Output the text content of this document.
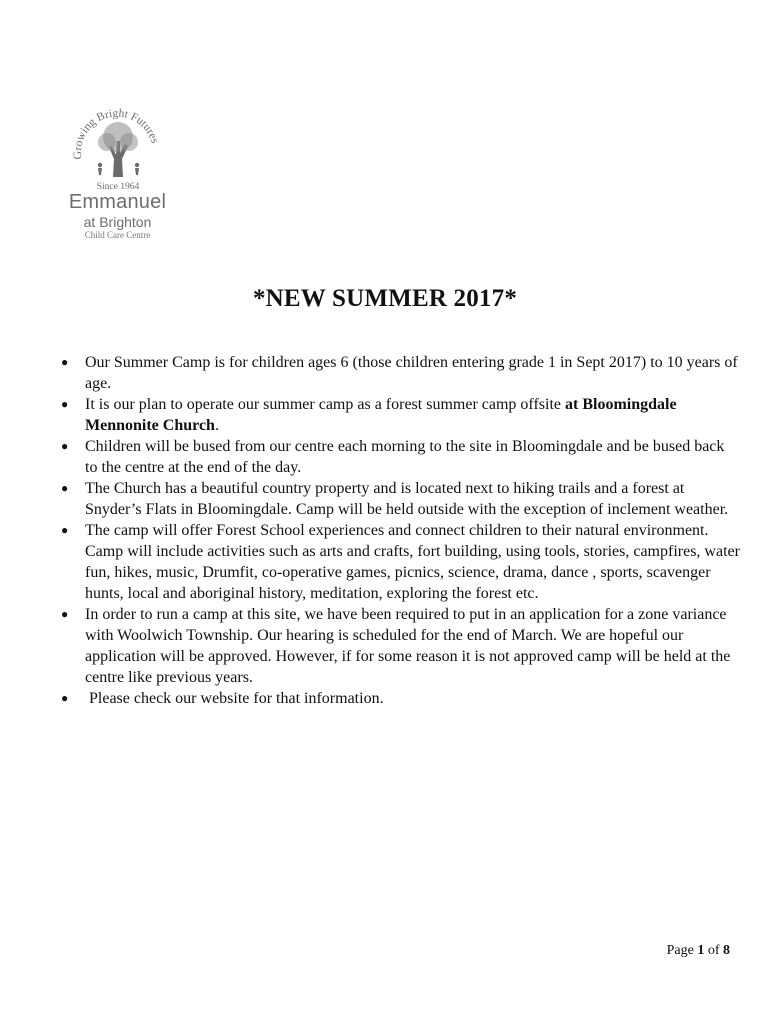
Growing Bright Futures
Since 1964
Emmanuel
at Brighton
Child Care Centre
*NEW SUMMER 2017*
● Our Summer Camp is for children ages 6 (those children entering grade 1 in Sept 2017) to 10 years of age.
● It is our plan to operate our summer camp as a forest summer camp offsite at Bloomingdale Mennonite Church.
● Children will be bused from our centre each morning to the site in Bloomingdale and be bused back to the centre at the end of the day.
● The Church has a beautiful country property and is located next to hiking trails and a forest at Snyder’s Flats in Bloomingdale. Camp will be held outside with the exception of inclement weather.
● The camp will offer Forest School experiences and connect children to their natural environment. Camp will include activities such as arts and crafts, fort building, using tools, stories, campfires, water fun, hikes, music, Drumfit, co-operative games, picnics, science, drama, dance , sports, scavenger hunts, local and aboriginal history, meditation, exploring the forest etc.
● In order to run a camp at this site, we have been required to put in an application for a zone variance with Woolwich Township. Our hearing is scheduled for the end of March. We are hopeful our application will be approved. However, if for some reason it is not approved camp will be held at the centre like previous years.
● Please check our website for that information.
Page 1 of 8
